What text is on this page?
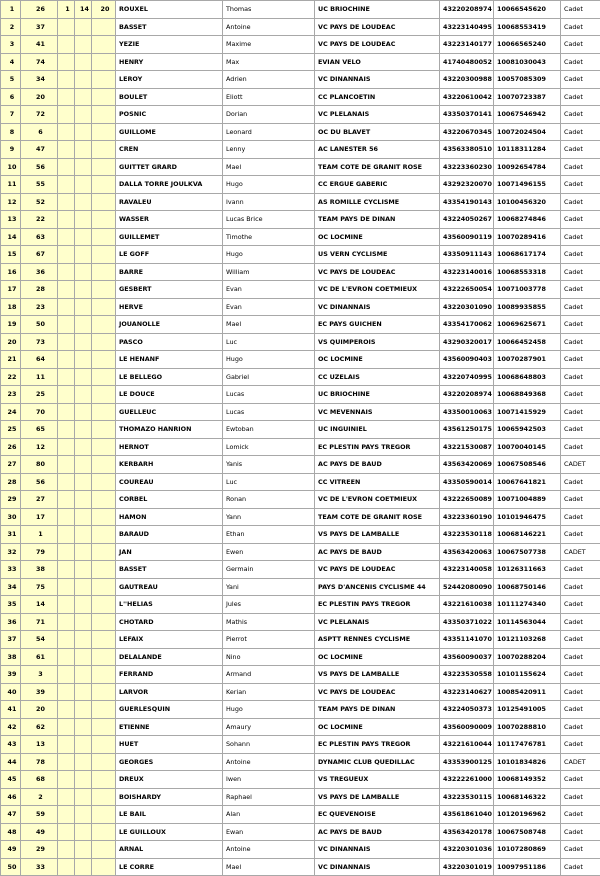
1	26	1	14	20	ROUXEL	Thomas	UC BRIOCHINE	43220208974	10066545620	Cadet
2	37				BASSET	Antoine	VC PAYS DE LOUDEAC	43223140495	10068553419	Cadet
3	41				YEZIE	Maxime	VC PAYS DE LOUDEAC	43223140177	10066565240	Cadet
4	74				HENRY	Max	EVIAN VELO	41740480052	10081030043	Cadet
5	34				LEROY	Adrien	VC DINANNAIS	43220300988	10057085309	Cadet
6	20				BOULET	Eliott	CC PLANCOETIN	43220610042	10070723387	Cadet
7	72				POSNIC	Dorian	VC PLELANAIS	43350370141	10067546942	Cadet
8	6				GUILLOME	Leonard	OC DU BLAVET	43220670345	10072024504	Cadet
9	47				CREN	Lenny	AC LANESTER 56	43563380510	10118311284	Cadet
10	56				GUITTET GRARD	Mael	TEAM COTE DE GRANIT ROSE	43223360230	10092654784	Cadet
11	55				DALLA TORRE JOULKVA	Hugo	CC ERGUE GABERIC	43292320070	10071496155	Cadet
12	52				RAVALEU	Ivann	AS ROMILLE CYCLISME	43354190143	10100456320	Cadet
13	22				WASSER	Lucas Brice	TEAM PAYS DE DINAN	43224050267	10068274846	Cadet
14	63				GUILLEMET	Timothe	OC LOCMINE	43560090119	10070289416	Cadet
15	67				LE GOFF	Hugo	US VERN CYCLISME	43350911143	10068617174	Cadet
16	36				BARRE	William	VC PAYS DE LOUDEAC	43223140016	10068553318	Cadet
17	28				GESBERT	Evan	VC DE L'EVRON COETMIEUX	43222650054	10071003778	Cadet
18	23				HERVE	Evan	VC DINANNAIS	43220301090	10089935855	Cadet
19	50				JOUANOLLE	Mael	EC PAYS GUICHEN	43354170062	10069625671	Cadet
20	73				PASCO	Luc	VS QUIMPEROIS	43290320017	10066452458	Cadet
21	64				LE HENANF	Hugo	OC LOCMINE	43560090403	10070287901	Cadet
22	11				LE BELLEGO	Gabriel	CC UZELAIS	43220740995	10068648803	Cadet
23	25				LE DOUCE	Lucas	UC BRIOCHINE	43220208974	10068849368	Cadet
24	70				GUELLEUC	Lucas	VC MEVENNAIS	43350010063	10071415929	Cadet
25	65				THOMAZO HANRION	Ewtoban	UC INGUINIEL	43561250175	10065942503	Cadet
26	12				HERNOT	Lomick	EC PLESTIN PAYS TREGOR	43221530087	10070040145	Cadet
27	80				KERBARH	Yanis	AC PAYS DE BAUD	43563420069	10067508546	CADET
28	56				COUREAU	Luc	CC VITREEN	43350590014	10067641821	Cadet
29	27				CORBEL	Ronan	VC DE L'EVRON COETMIEUX	43222650089	10071004889	Cadet
30	17				HAMON	Yann	TEAM COTE DE GRANIT ROSE	43223360190	10101946475	Cadet
31	1				BARAUD	Ethan	VS PAYS DE LAMBALLE	43223530118	10068146221	Cadet
32	79				JAN	Ewen	AC PAYS DE BAUD	43563420063	10067507738	CADET
33	38				BASSET	Germain	VC PAYS DE LOUDEAC	43223140058	10126311663	Cadet
34	75				GAUTREAU	Yani	PAYS D'ANCENIS CYCLISME 44	52442080090	10068750146	Cadet
35	14				L''HELIAS	Jules	EC PLESTIN PAYS TREGOR	43221610038	10111274340	Cadet
36	71				CHOTARD	Mathis	VC PLELANAIS	43350371022	10114563044	Cadet
37	54				LEFAIX	Pierrot	ASPTT RENNES CYCLISME	43351141070	10121103268	Cadet
38	61				DELALANDE	Nino	OC LOCMINE	43560090037	10070288204	Cadet
39	3				FERRAND	Armand	VS PAYS DE LAMBALLE	43223530558	10101155624	Cadet
40	39				LARVOR	Kerian	VC PAYS DE LOUDEAC	43223140627	10085420911	Cadet
41	20				GUERLESQUIN	Hugo	TEAM PAYS DE DINAN	43224050373	10125491005	Cadet
42	62				ETIENNE	Amaury	OC LOCMINE	43560090009	10070288810	Cadet
43	13				HUET	Sohann	EC PLESTIN PAYS TREGOR	43221610044	10117476781	Cadet
44	78				GEORGES	Antoine	DYNAMIC CLUB QUEDILLAC	43353900125	10101834826	CADET
45	68				DREUX	Iwen	VS TREGUEUX	43222261000	10068149352	Cadet
46	2				BOISHARDY	Raphael	VS PAYS DE LAMBALLE	43223530115	10068146322	Cadet
47	59				LE BAIL	Alan	EC QUEVENOISE	43561861040	10120196962	Cadet
48	49				LE GUILLOUX	Ewan	AC PAYS DE BAUD	43563420178	10067508748	Cadet
49	29				ARNAL	Antoine	VC DINANNAIS	43220301036	10107280869	Cadet
50	33				LE CORRE	Mael	VC DINANNAIS	43220301019	10097951186	Cadet
